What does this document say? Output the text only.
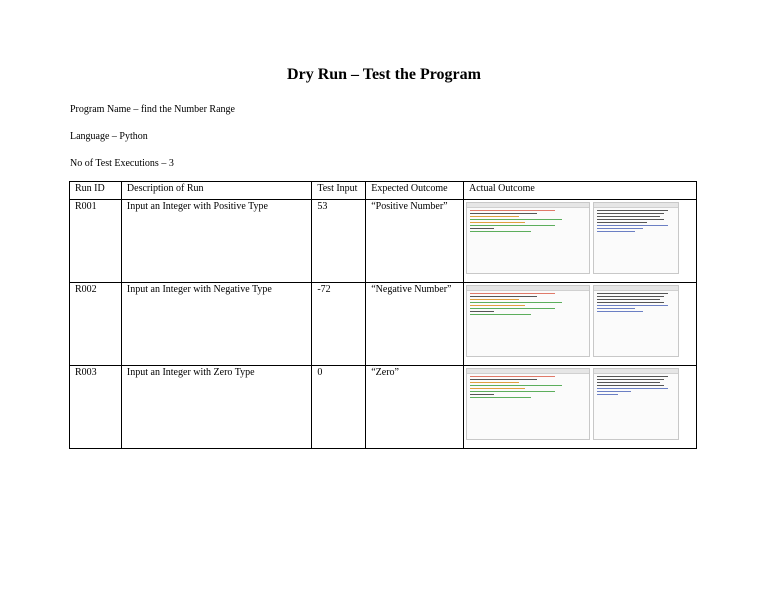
Dry Run – Test the Program
Program Name – find the Number Range
Language – Python
No of Test Executions – 3
Run ID	Description of Run	Test Input	Expected Outcome	Actual Outcome
R001	Input an Integer with Positive Type	53	“Positive Number”	

R002	Input an Integer with Negative Type	-72	“Negative Number”	

R003	Input an Integer with Zero Type	0	“Zero”	
